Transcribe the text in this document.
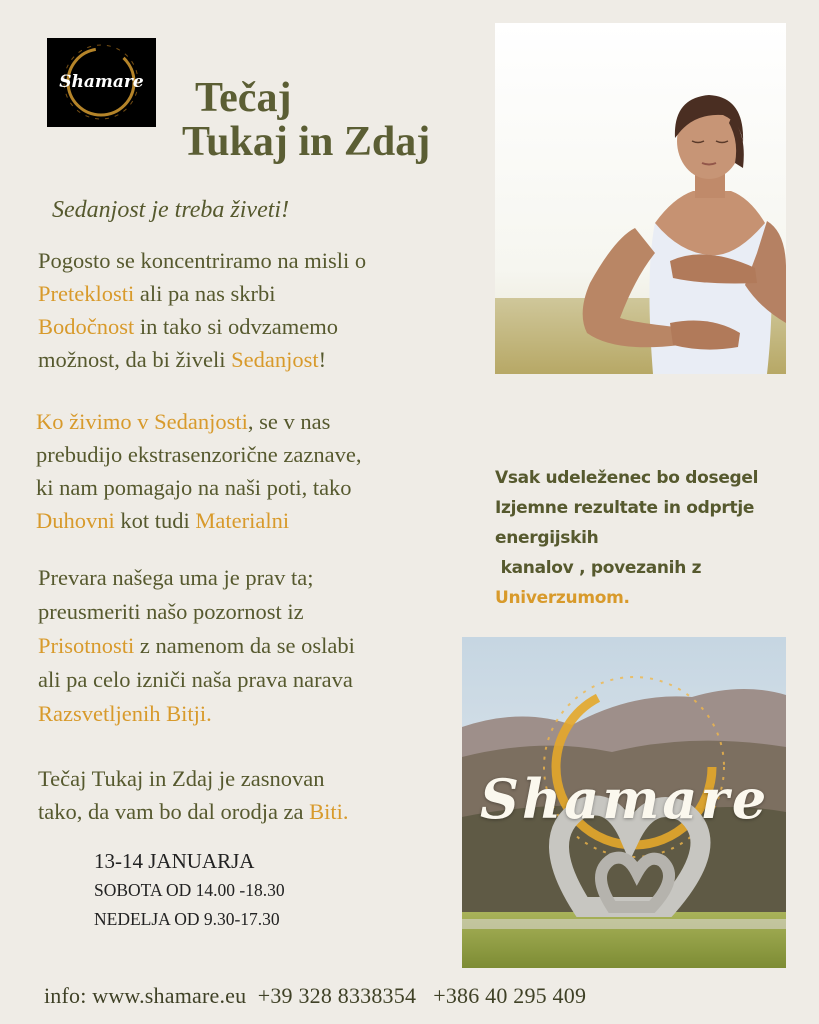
Shamare	Tečaj
Tukaj in Zdaj
Sedanjost je treba živeti!
Pogosto se koncentriramo na misli o
Preteklosti ali pa nas skrbi
Bodočnost in tako si odvzamemo
možnost, da bi živeli Sedanjost!
Ko živimo v Sedanjosti, se v nas
prebudijo ekstrasenzorične zaznave,
ki nam pomagajo na naši poti, tako
Duhovni kot tudi Materialni
Prevara našega uma je prav ta;
preusmeriti našo pozornost iz
Prisotnosti z namenom da se oslabi
ali pa celo izniči naša prava narava
Razsvetljenih Bitji.
Tečaj Tukaj in Zdaj je zasnovan
tako, da vam bo dal orodja za Biti.
13-14 JANUARJA
SOBOTA OD 14.00 -18.30
NEDELJA OD 9.30-17.30
Vsak udeleženec bo dosegel
Izjemne rezultate in odprtje
energijskih
kanalov , povezanih z
Univerzumom.
Shamare
info: www.shamare.eu  +39 328 8338354   +386 40 295 409
